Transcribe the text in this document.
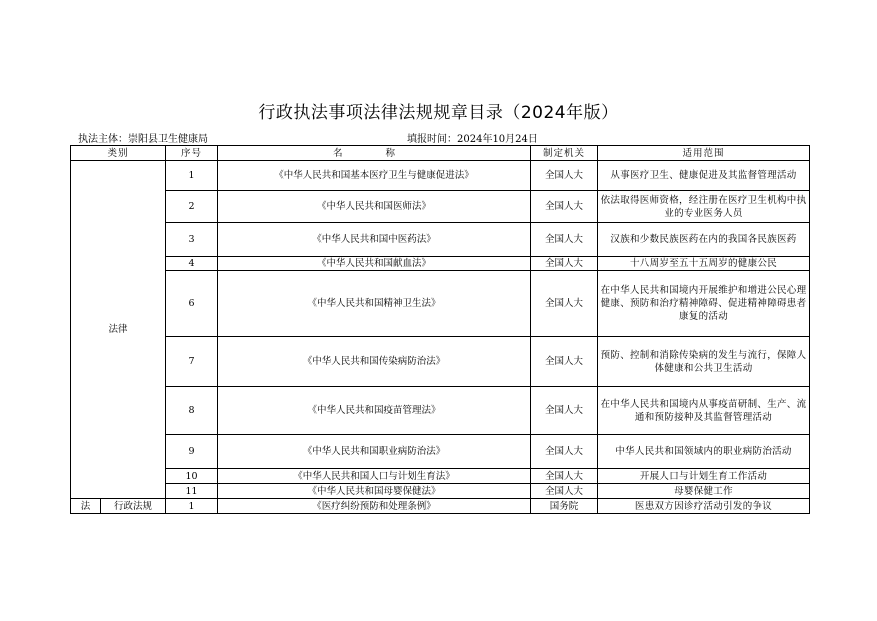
行政执法事项法律法规规章目录（2024年版）
执法主体：崇阳县卫生健康局	填报时间：2024年10月24日
类别		序号	名 称	制定机关	适用范围
法律		1	《中华人民共和国基本医疗卫生与健康促进法》	全国人大	从事医疗卫生、健康促进及其监督管理活动
		2	《中华人民共和国医师法》	全国人大	依法取得医师资格，经注册在医疗卫生机构中执业的专业医务人员
		3	《中华人民共和国中医药法》	全国人大	汉族和少数民族医药在内的我国各民族医药
		4	《中华人民共和国献血法》	全国人大	十八周岁至五十五周岁的健康公民
		6	《中华人民共和国精神卫生法》	全国人大	在中华人民共和国境内开展维护和增进公民心理健康、预防和治疗精神障碍、促进精神障碍患者康复的活动
		7	《中华人民共和国传染病防治法》	全国人大	预防、控制和消除传染病的发生与流行，保障人体健康和公共卫生活动
		8	《中华人民共和国疫苗管理法》	全国人大	在中华人民共和国境内从事疫苗研制、生产、流通和预防接种及其监督管理活动
		9	《中华人民共和国职业病防治法》	全国人大	中华人民共和国领域内的职业病防治活动
		10	《中华人民共和国人口与计划生育法》	全国人大	开展人口与计划生育工作活动
		11	《中华人民共和国母婴保健法》	全国人大	母婴保健工作
法	行政法规	1	《医疗纠纷预防和处理条例》	国务院	医患双方因诊疗活动引发的争议
